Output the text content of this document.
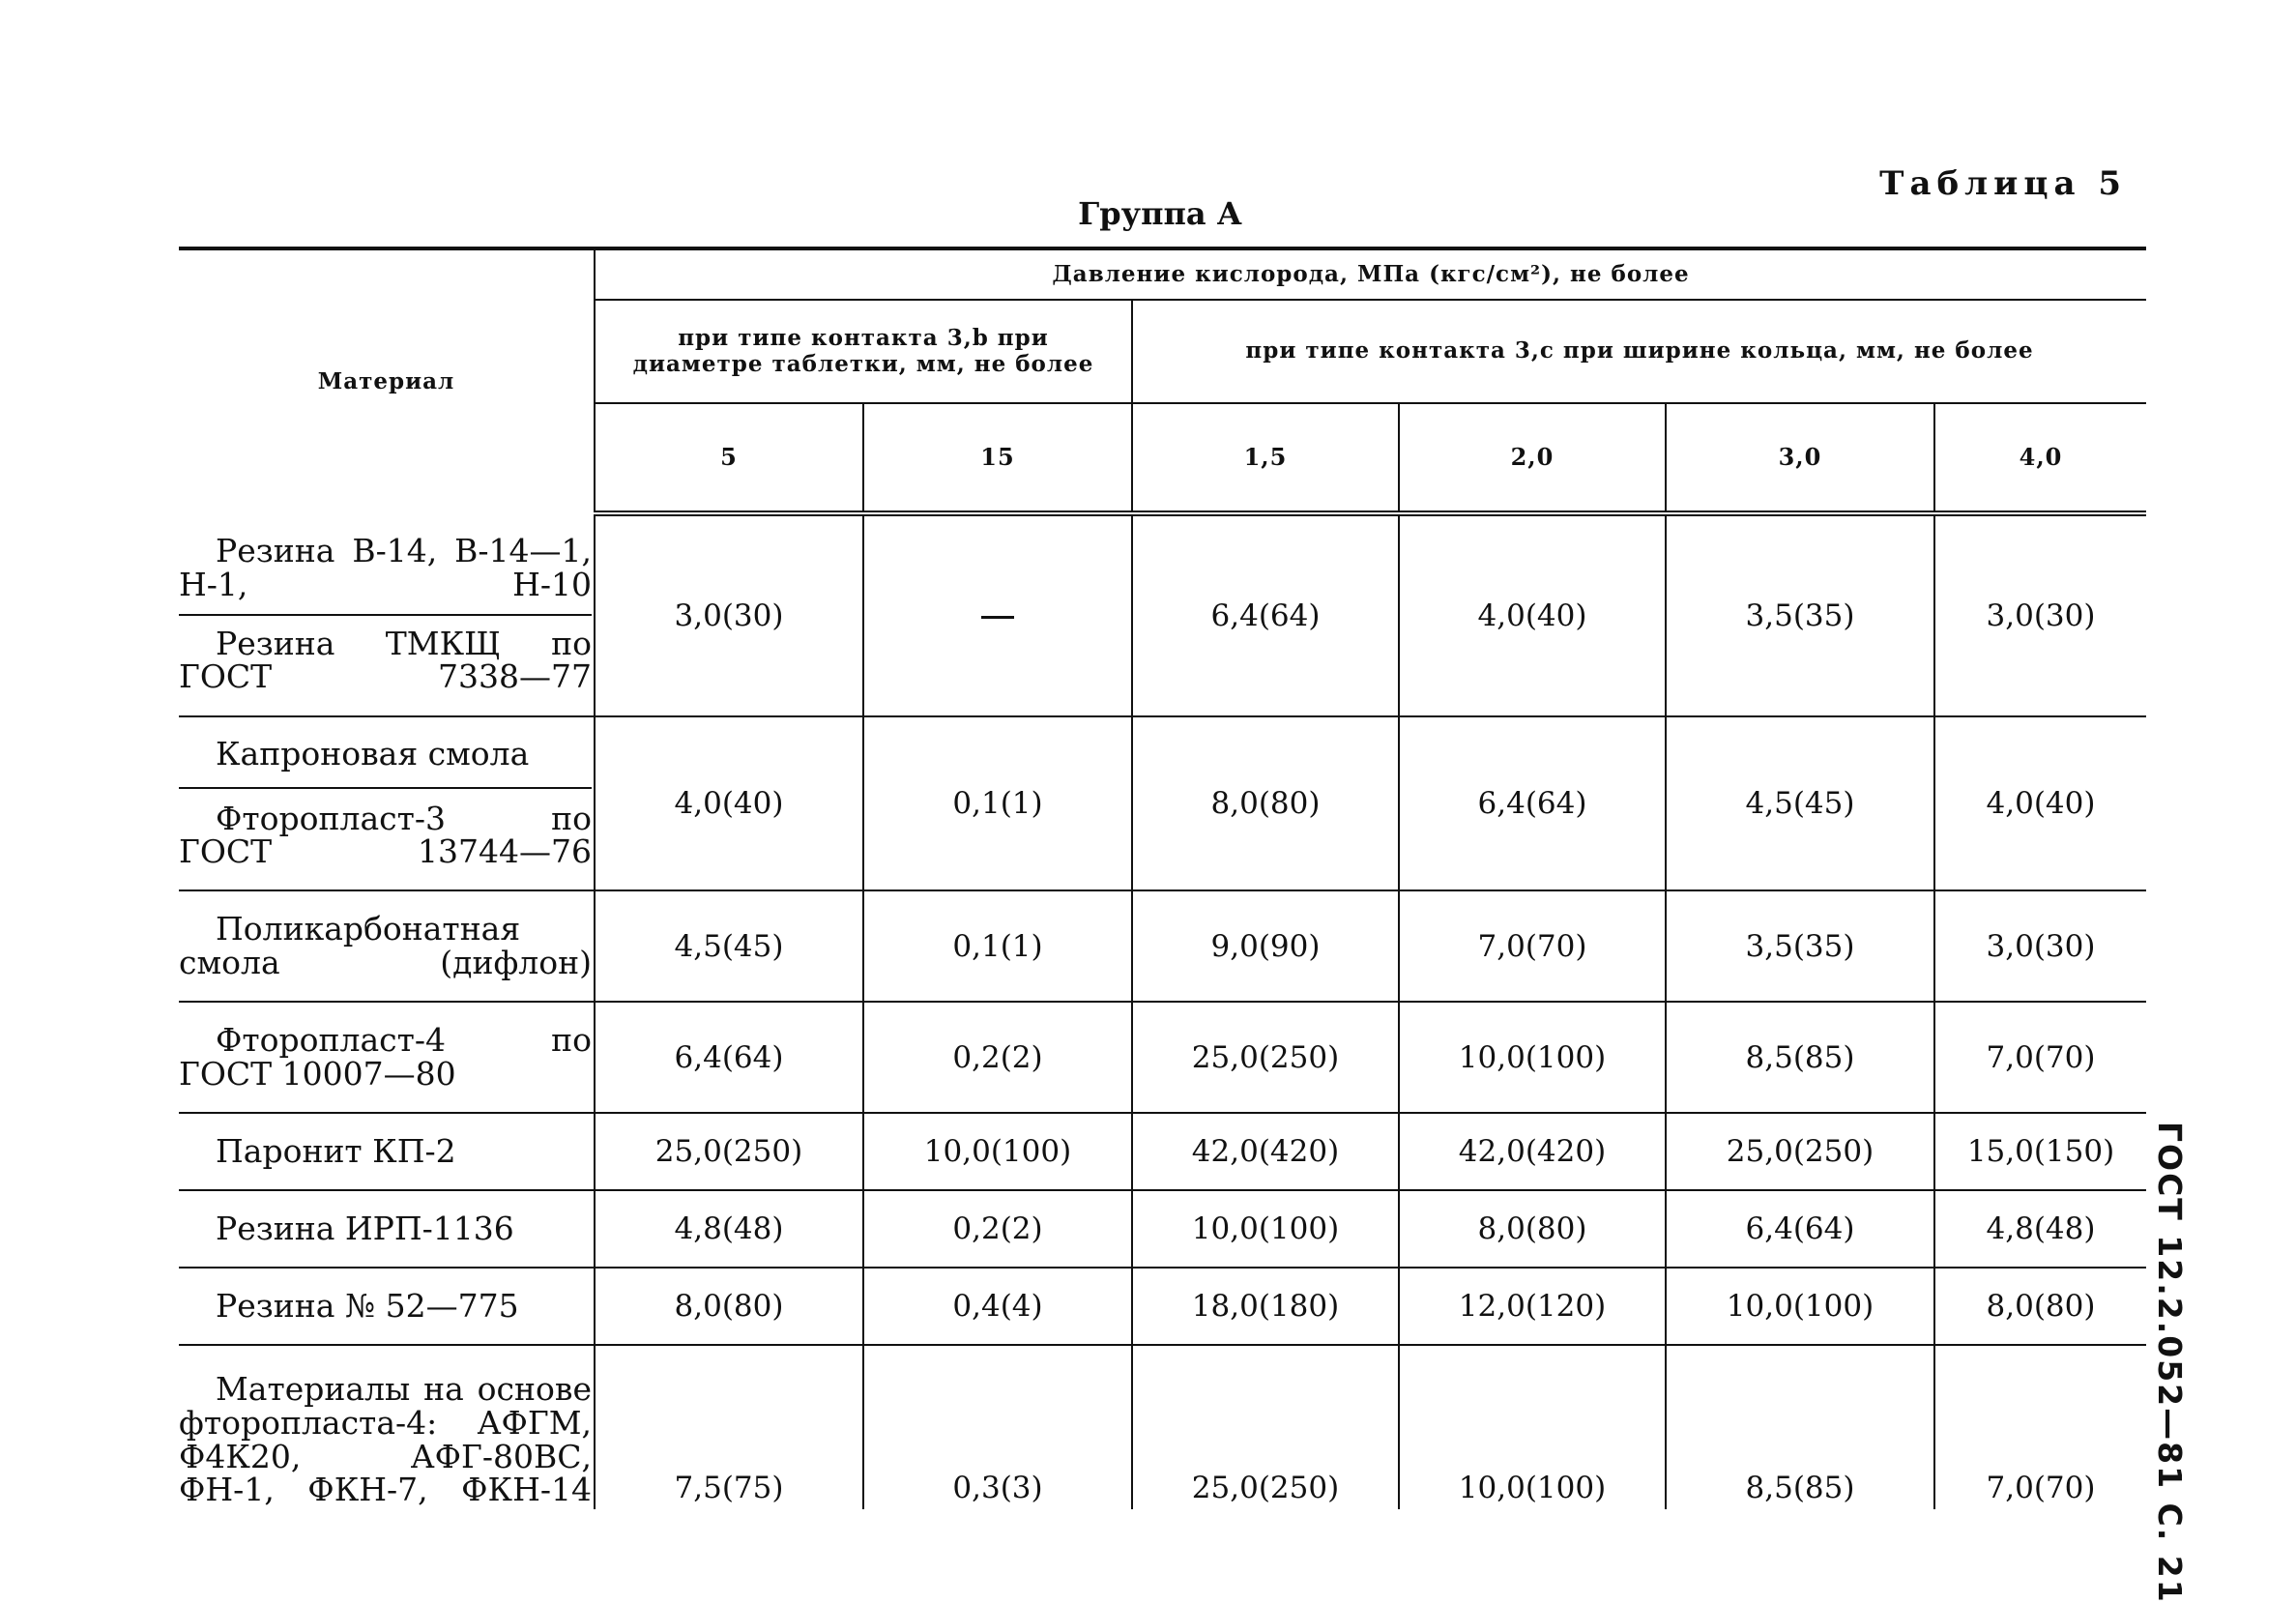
Таблица 5
Группа А
ГОСТ 12.2.052—81 С. 21
Материал	Давление кислорода, МПа (кгс/см²), не более					
	при типе контакта 3,b при диаметре таблетки, мм, не более		при типе контакта 3,c при ширине кольца, мм, не более			
	5	15	1,5	2,0	3,0	4,0

Резина В-14, В-14—1, Н-1, Н-10
Резина ТМКЩ по ГОСТ 7338—77	3,0(30)		6,4(64)	4,0(40)	3,5(35)	3,0(30)

Капроновая смола
Фторопласт-3 по ГОСТ 13744—76	4,0(40)	0,1(1)	8,0(80)	6,4(64)	4,5(45)	4,0(40)

Поликарбонатная смола (дифлон)	4,5(45)	0,1(1)	9,0(90)	7,0(70)	3,5(35)	3,0(30)

Фторопласт-4 по ГОСТ 10007—80	6,4(64)	0,2(2)	25,0(250)	10,0(100)	8,5(85)	7,0(70)

Паронит КП-2	25,0(250)	10,0(100)	42,0(420)	42,0(420)	25,0(250)	15,0(150)

Резина ИРП-1136	4,8(48)	0,2(2)	10,0(100)	8,0(80)	6,4(64)	4,8(48)

Резина № 52—775	8,0(80)	0,4(4)	18,0(180)	12,0(120)	10,0(100)	8,0(80)

Материалы на основе фторопласта-4: АФГМ, Ф4К20, АФГ-80ВС, ФН-1, ФКН-7, ФКН-14	7,5(75)	0,3(3)	25,0(250)	10,0(100)	8,5(85)	7,0(70)
